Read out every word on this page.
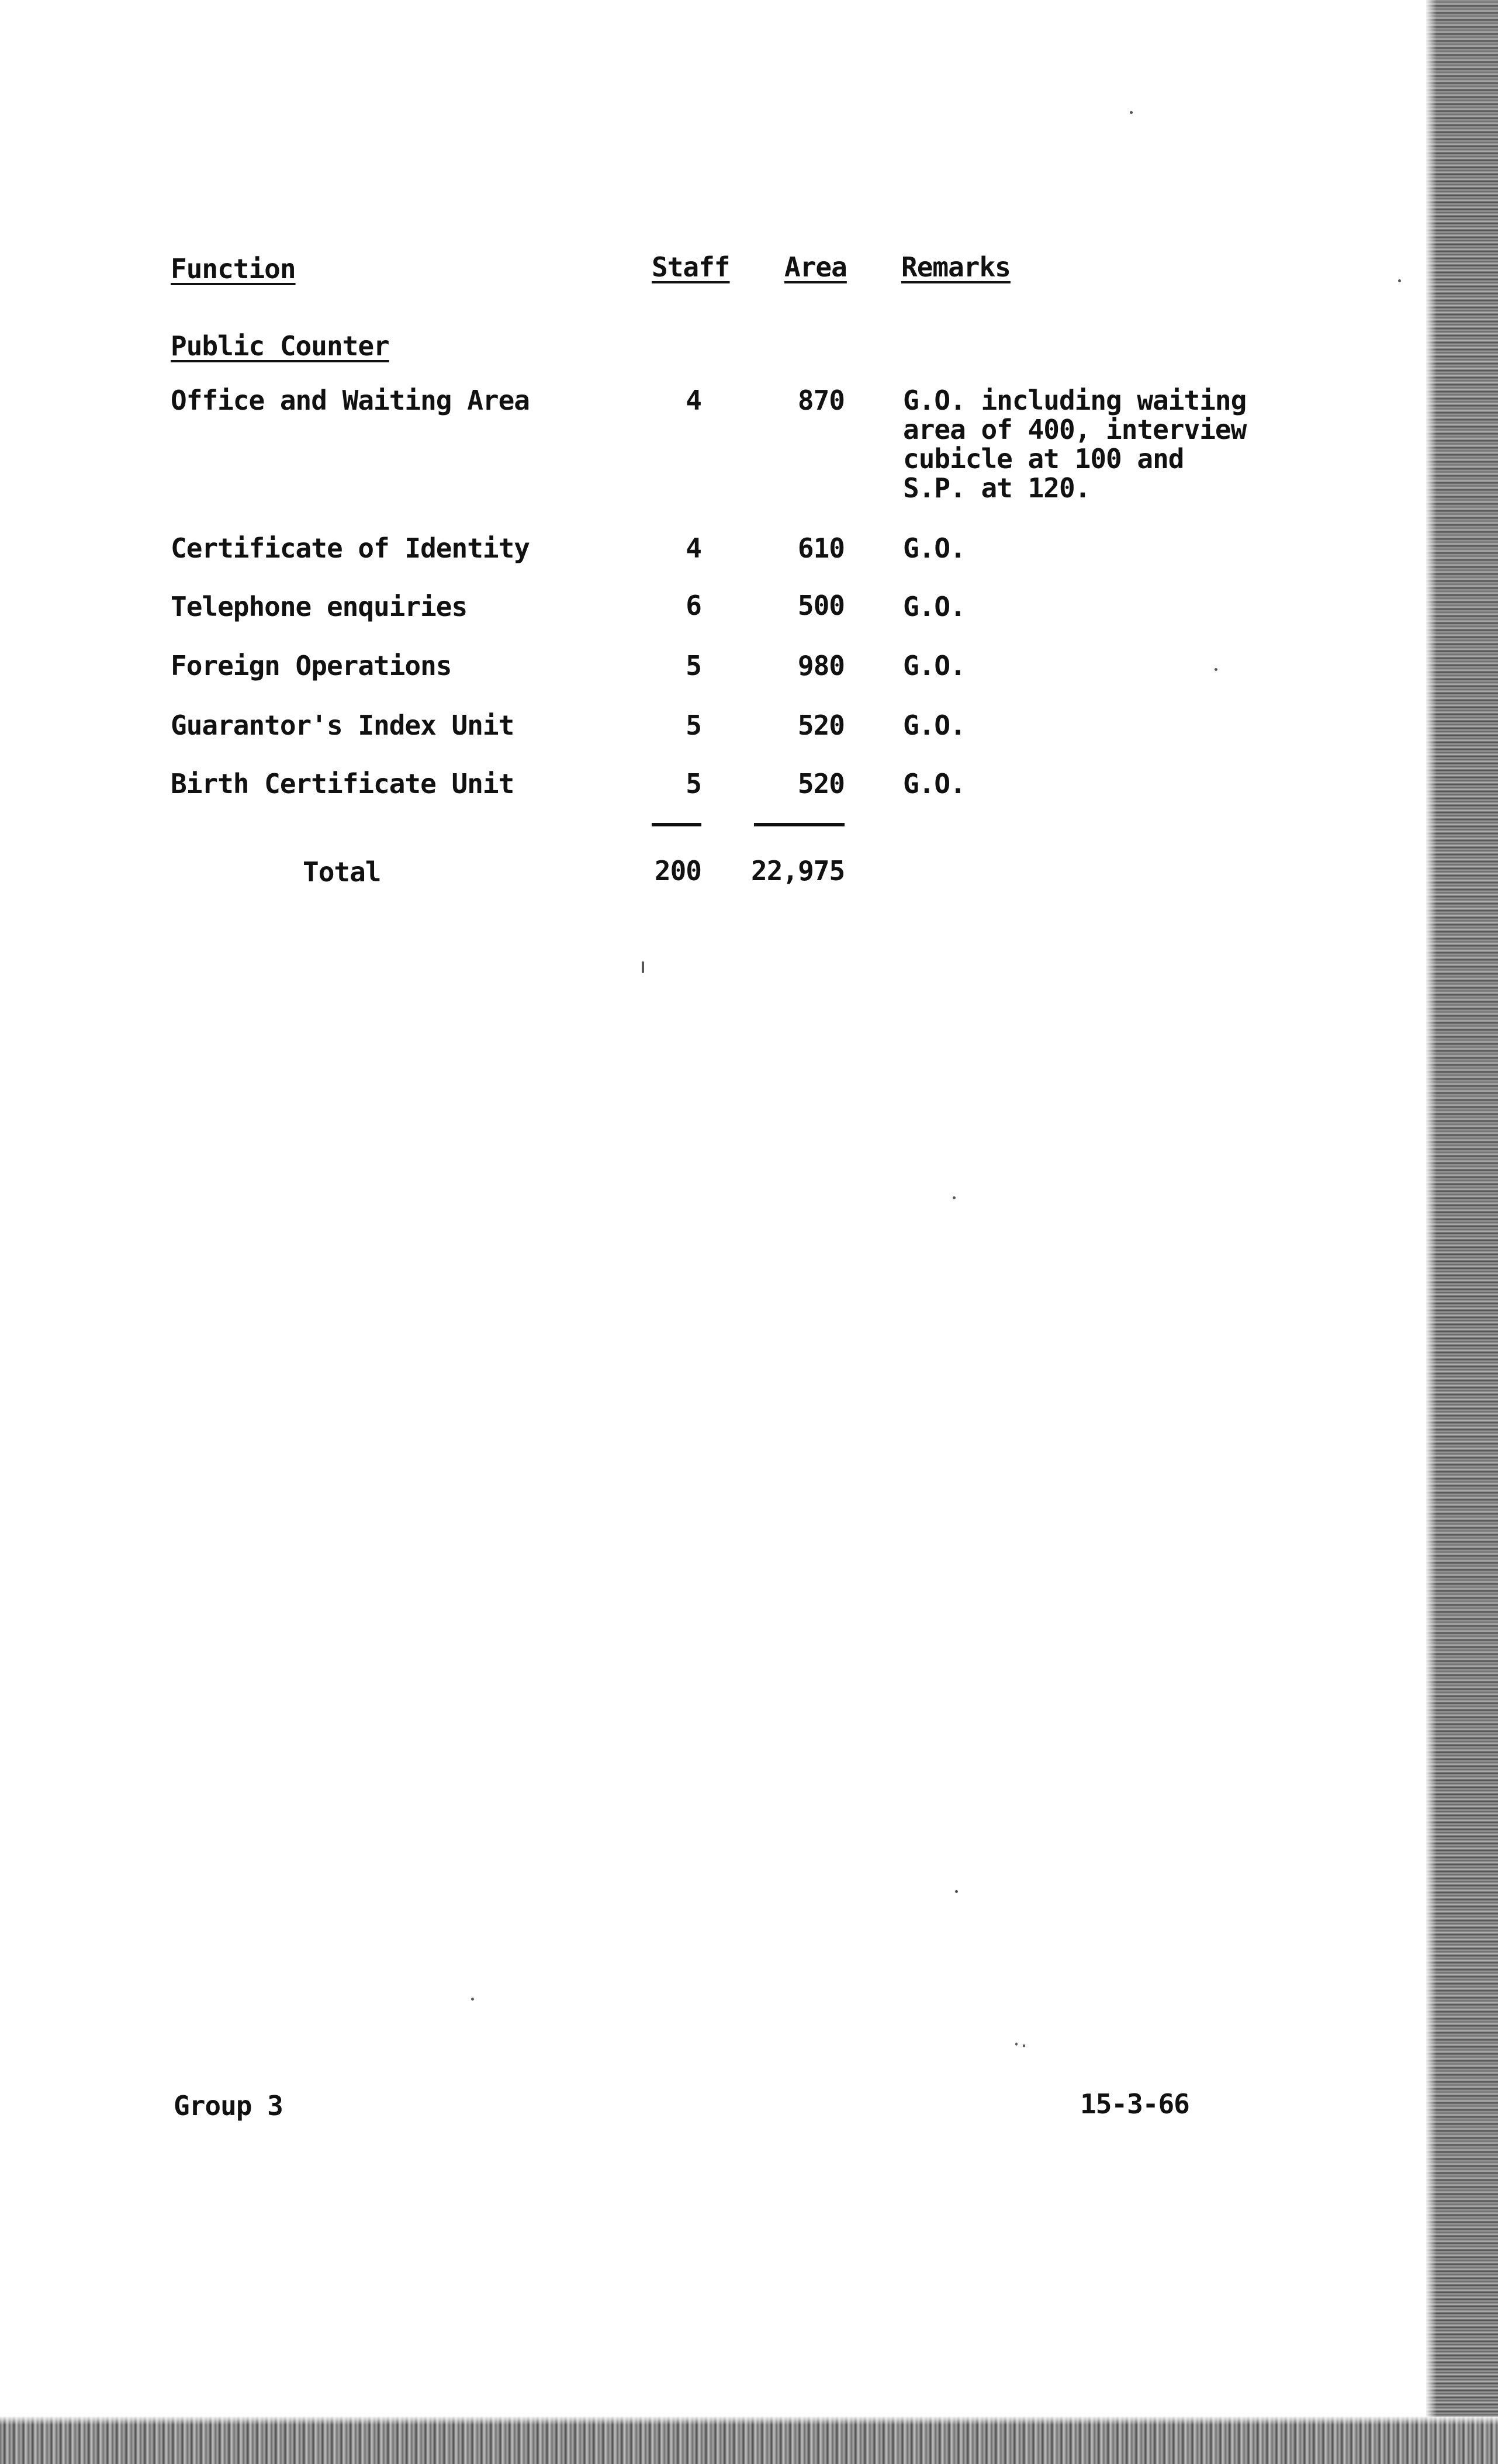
Function	Staff Area Remarks
Public Counter
Office and Waiting Area	4	870 G.O. including waiting
area of 400, interview
cubicle at 100 and
S.P. at 120.
Certificate of Identity	4	610 G.O.
Telephone enquiries	6	500 G.O.
Foreign Operations	5	980 G.O.
Guarantor's Index Unit	5	520 G.O.
Birth Certificate Unit	5	520 G.O.
Total	200 22,975
Group 3	15-3-66
